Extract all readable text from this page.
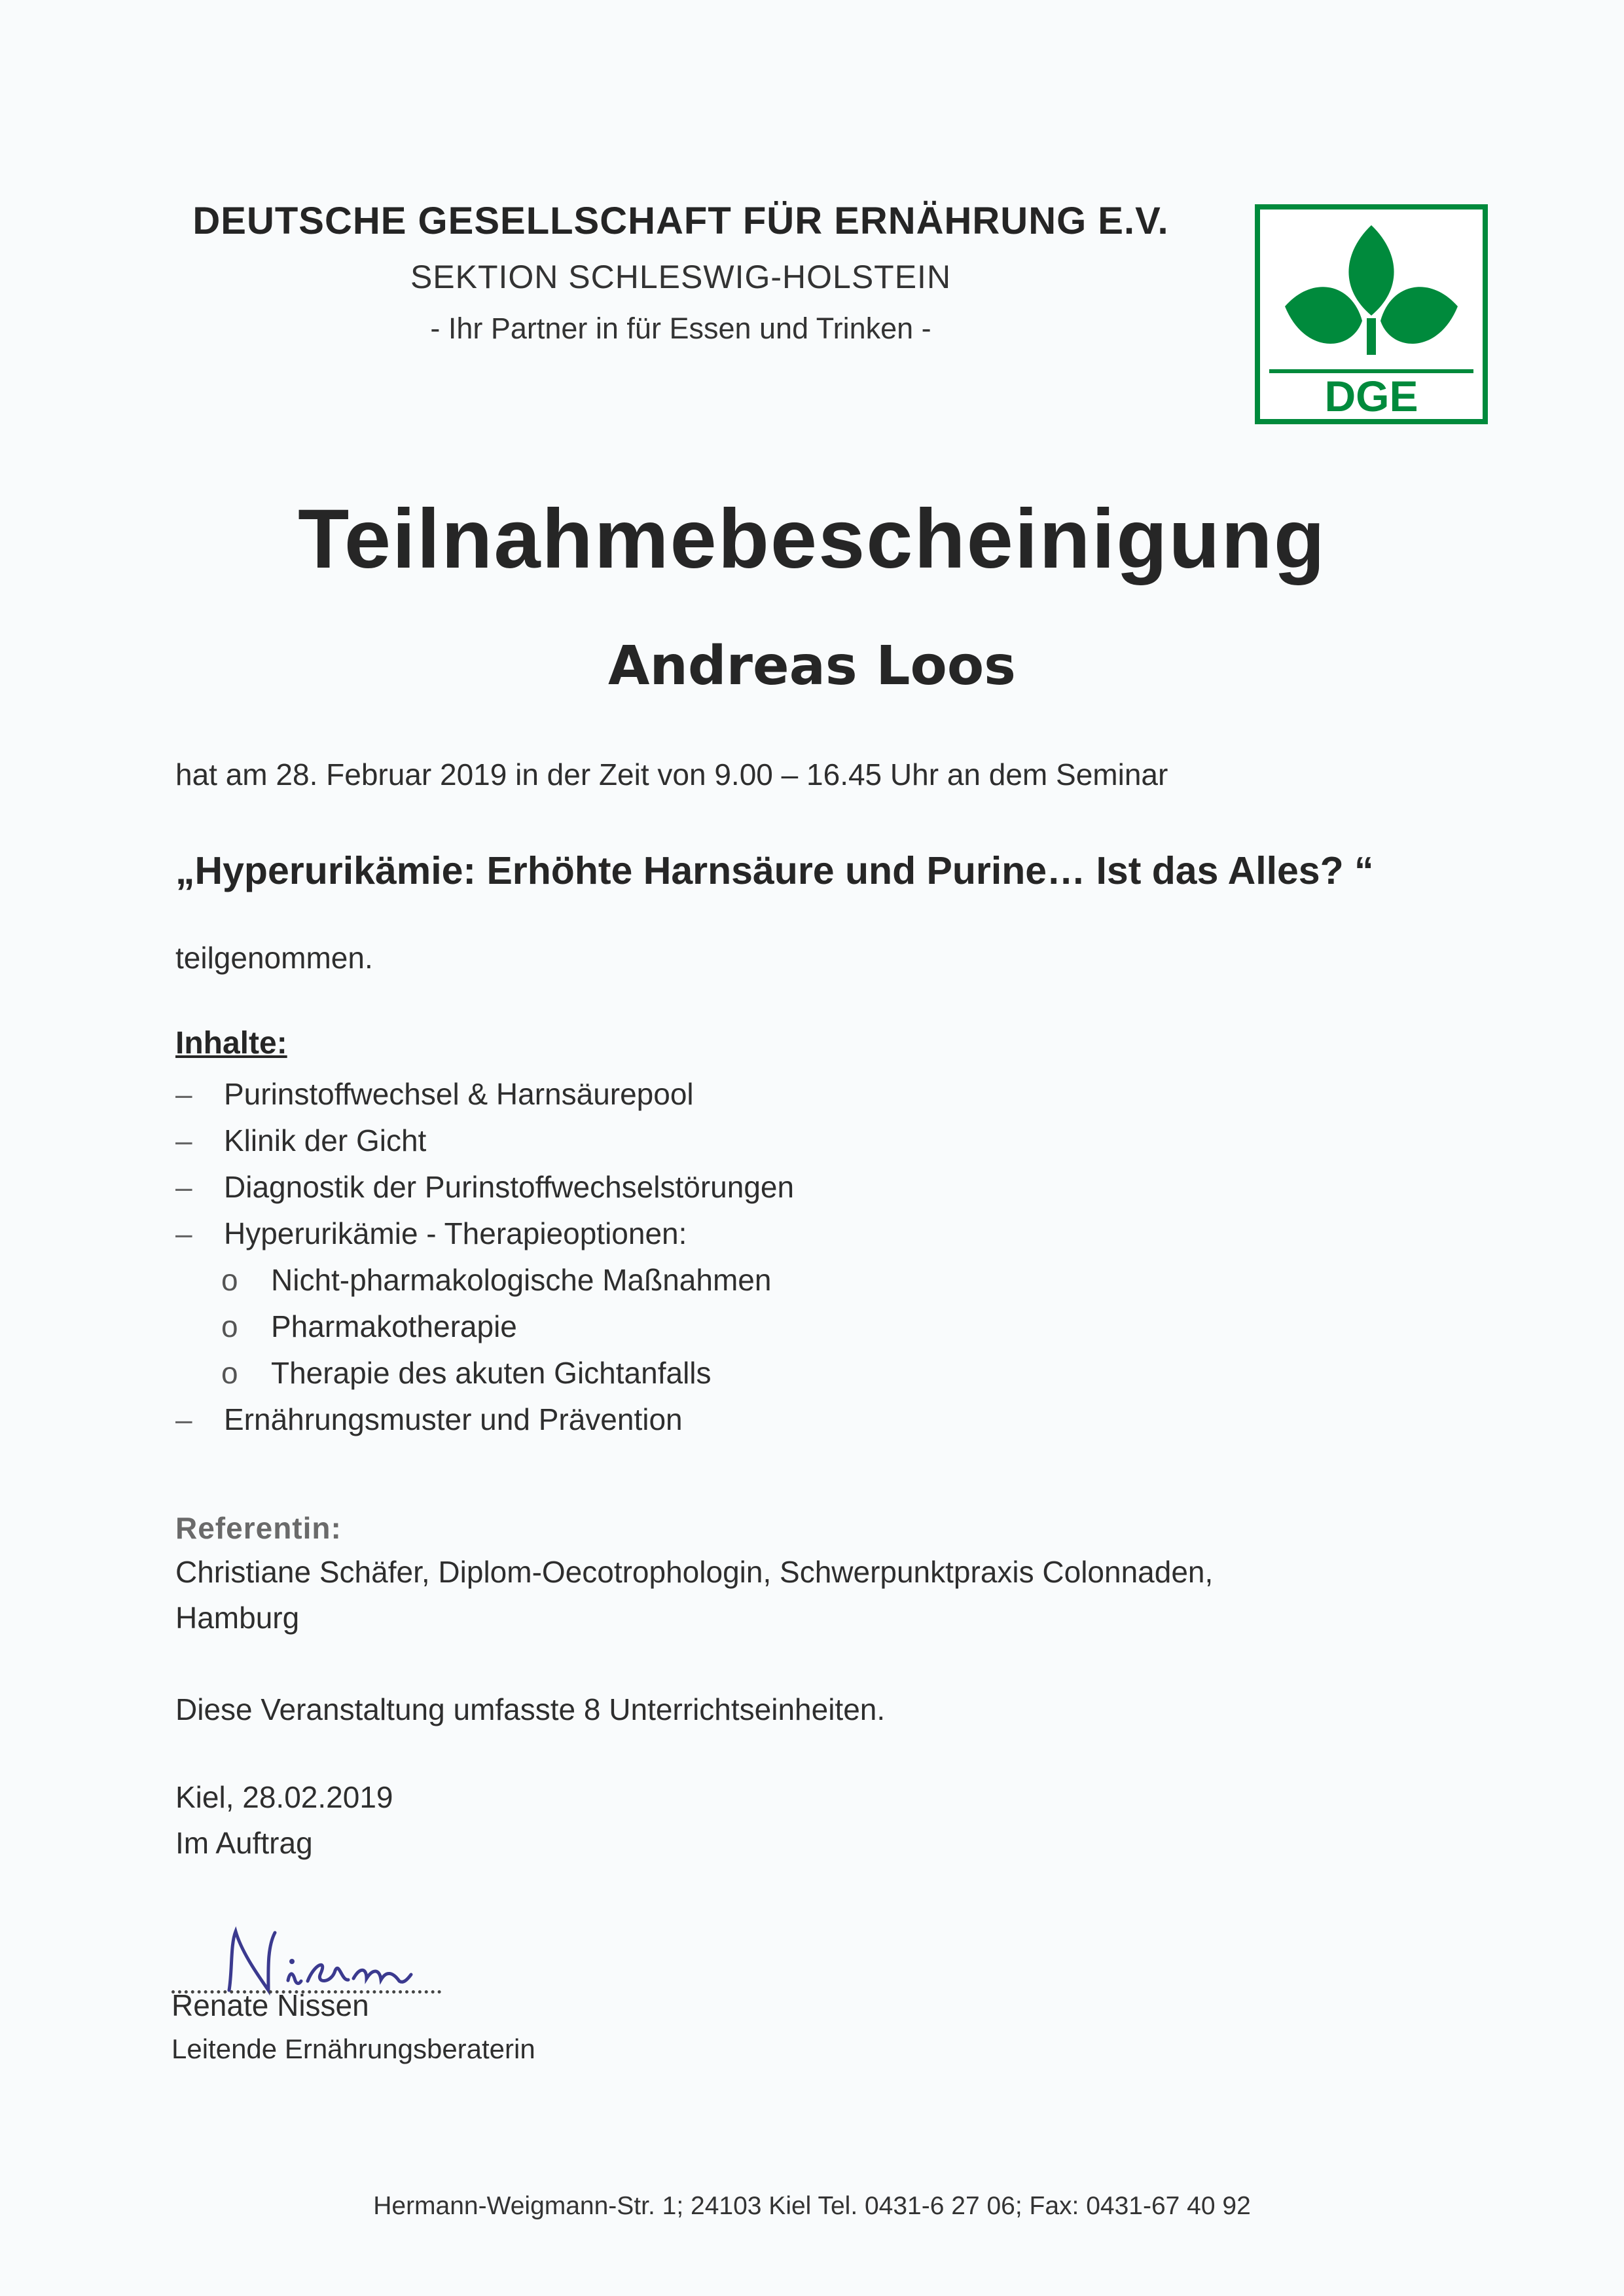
DEUTSCHE GESELLSCHAFT FÜR ERNÄHRUNG E.V.
SEKTION SCHLESWIG-HOLSTEIN
- Ihr Partner in für Essen und Trinken -
DGE
Teilnahmebescheinigung
Andreas Loos
hat am 28. Februar 2019 in der Zeit von 9.00 – 16.45 Uhr an dem Seminar
„Hyperurikämie: Erhöhte Harnsäure und Purine… Ist das Alles? “
teilgenommen.
Inhalte:
–	Purinstoffwechsel & Harnsäurepool
–	Klinik der Gicht
–	Diagnostik der Purinstoffwechselstörungen
–	Hyperurikämie - Therapieoptionen:
o Nicht-pharmakologische Maßnahmen
o Pharmakotherapie
o Therapie des akuten Gichtanfalls
–	Ernährungsmuster und Prävention
Referentin:
Christiane Schäfer, Diplom-Oecotrophologin, Schwerpunktpraxis Colonnaden,
Hamburg
Diese Veranstaltung umfasste 8 Unterrichtseinheiten.
Kiel, 28.02.2019
Im Auftrag
Renate Nissen
Leitende Ernährungsberaterin
Hermann-Weigmann-Str. 1; 24103 Kiel Tel. 0431-6 27 06; Fax: 0431-67 40 92
